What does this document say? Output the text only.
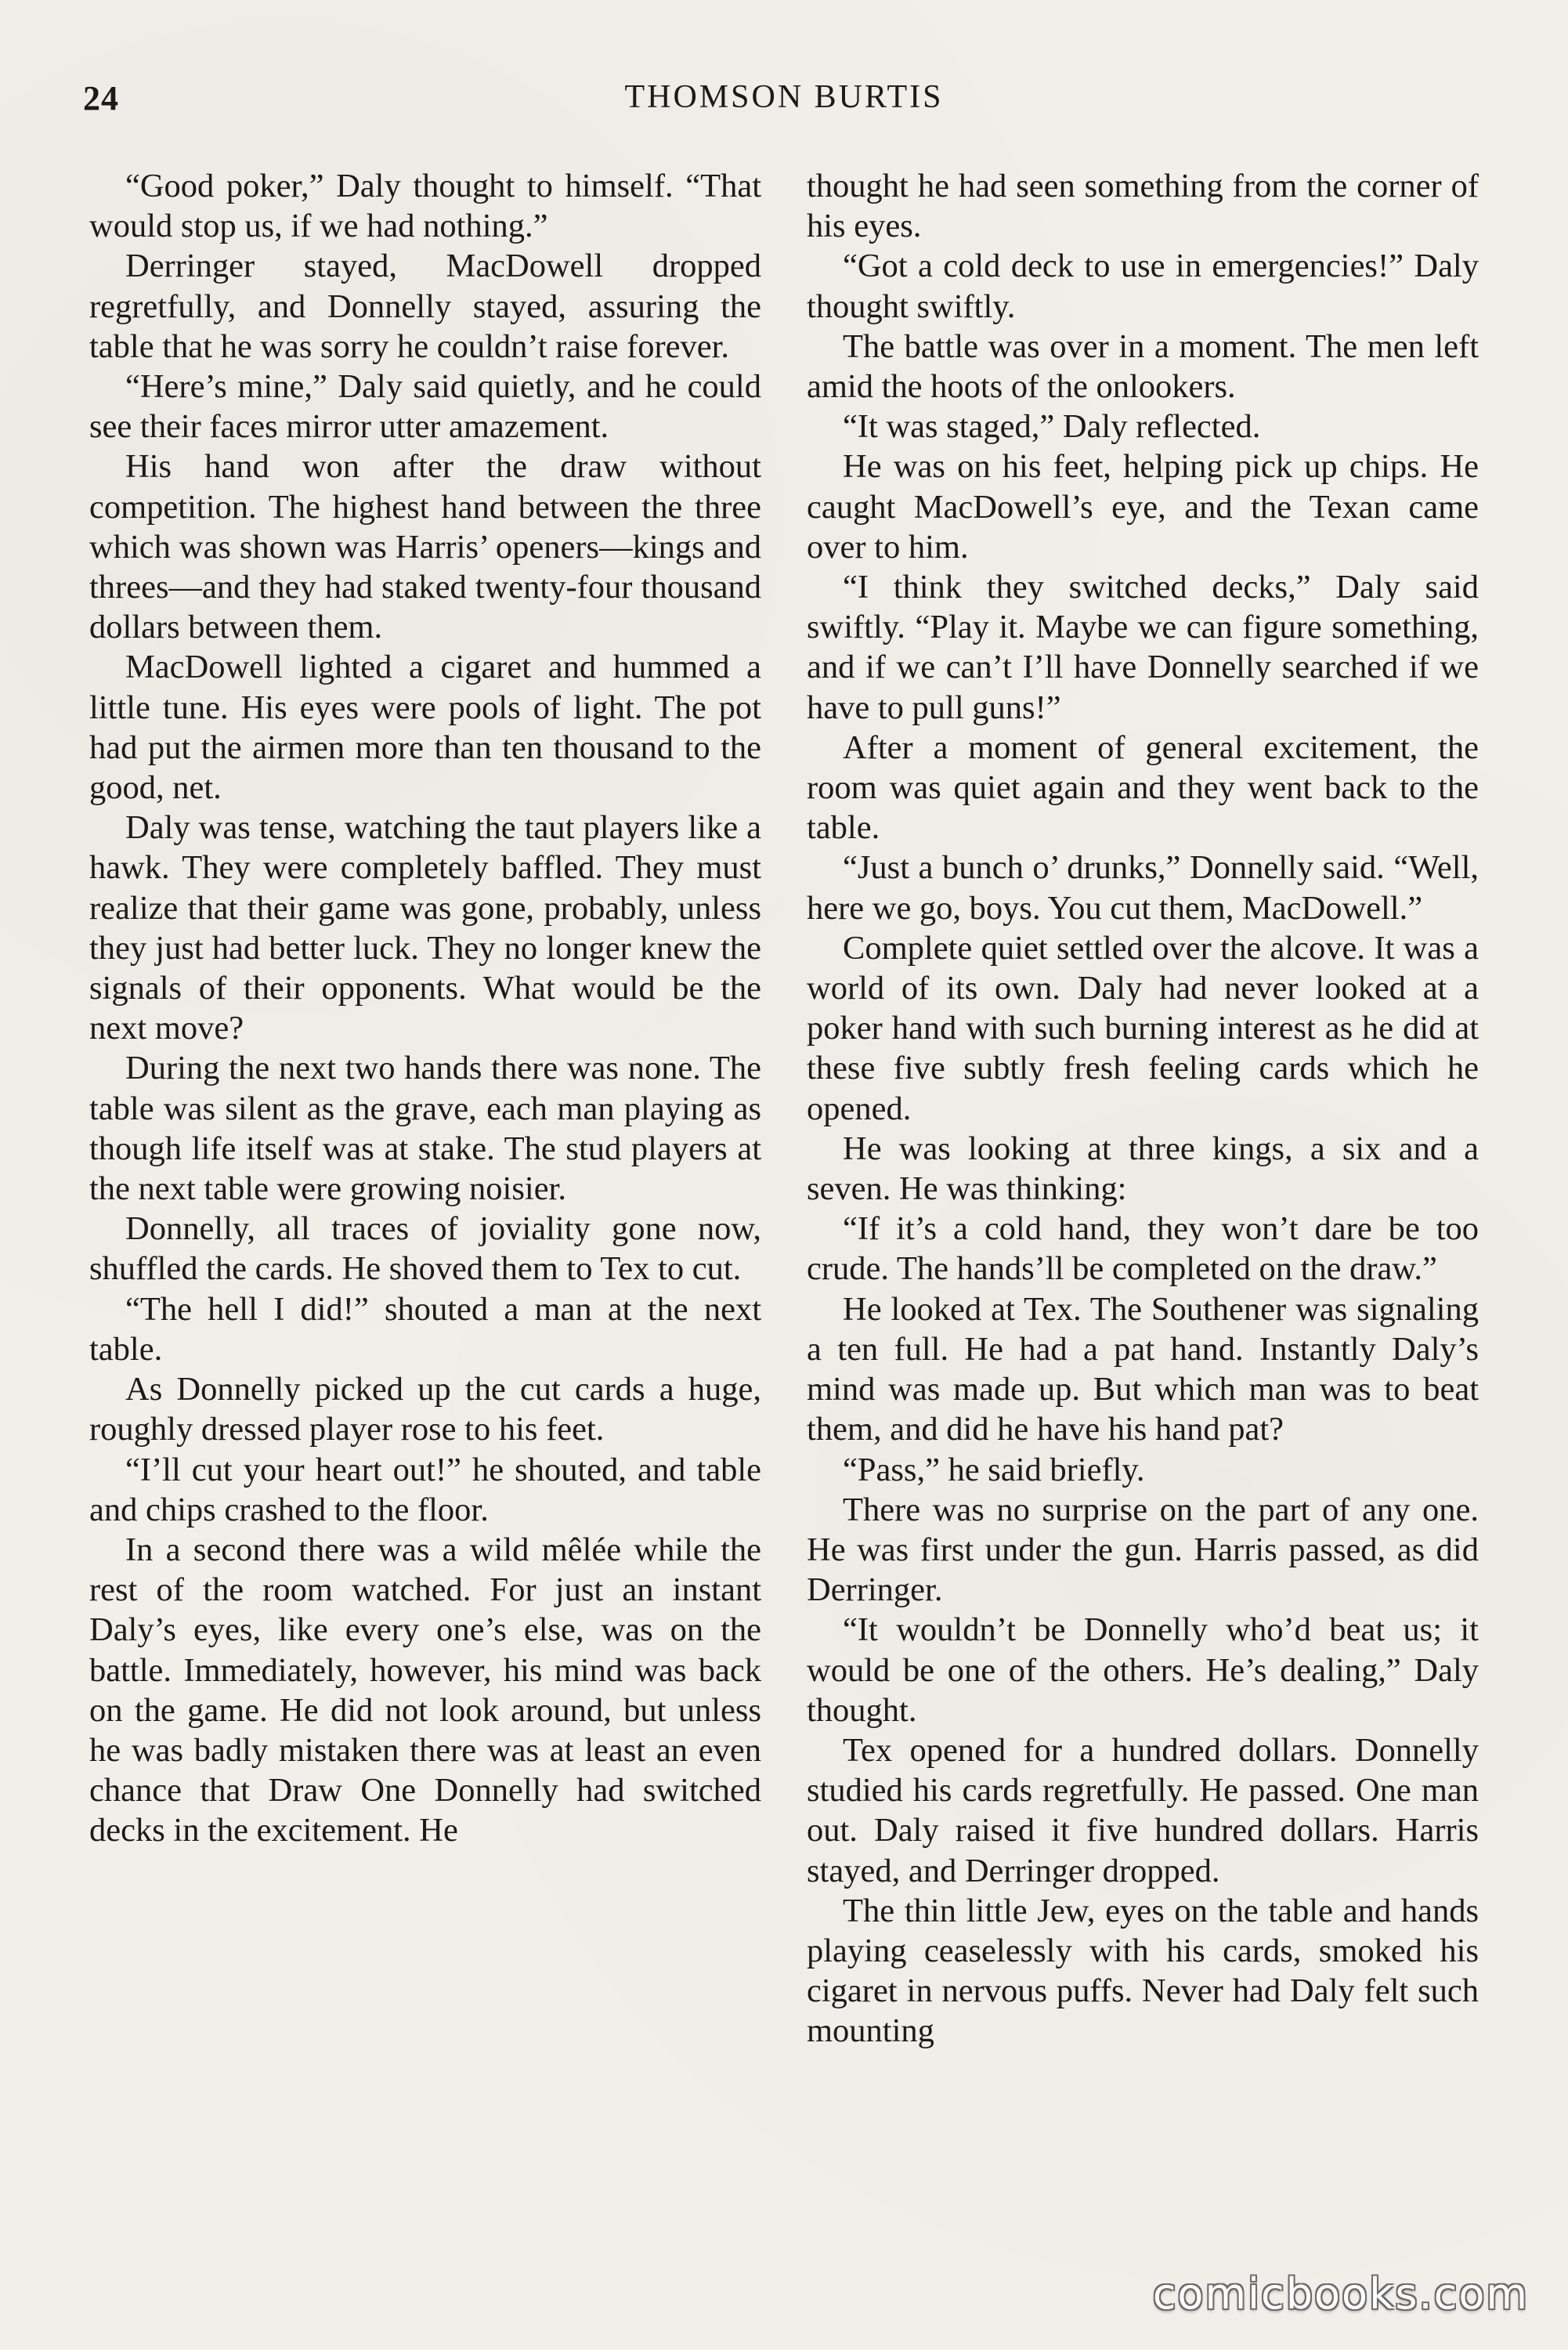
24	THOMSON BURTIS

“Good poker,” Daly thought to himself. “That would stop us, if we had nothing.”

Derringer stayed, MacDowell dropped regretfully, and Donnelly stayed, assuring the table that he was sorry he couldn’t raise forever.

“Here’s mine,” Daly said quietly, and he could see their faces mirror utter amazement.

His hand won after the draw without competition. The highest hand between the three which was shown was Harris’ openers—kings and threes—and they had staked twenty-four thousand dollars between them.

MacDowell lighted a cigaret and hummed a little tune. His eyes were pools of light. The pot had put the airmen more than ten thousand to the good, net.

Daly was tense, watching the taut players like a hawk. They were completely baffled. They must realize that their game was gone, probably, unless they just had better luck. They no longer knew the signals of their opponents. What would be the next move?

During the next two hands there was none. The table was silent as the grave, each man playing as though life itself was at stake. The stud players at the next table were growing noisier.

Donnelly, all traces of joviality gone now, shuffled the cards. He shoved them to Tex to cut.

“The hell I did!” shouted a man at the next table.

As Donnelly picked up the cut cards a huge, roughly dressed player rose to his feet.

“I’ll cut your heart out!” he shouted, and table and chips crashed to the floor.

In a second there was a wild mêlée while the rest of the room watched. For just an instant Daly’s eyes, like every one’s else, was on the battle. Immediately, however, his mind was back on the game. He did not look around, but unless he was badly mistaken there was at least an even chance that Draw One Donnelly had switched decks in the excitement. He

thought he had seen something from the corner of his eyes.

“Got a cold deck to use in emergencies!” Daly thought swiftly.

The battle was over in a moment. The men left amid the hoots of the onlookers.

“It was staged,” Daly reflected.

He was on his feet, helping pick up chips. He caught MacDowell’s eye, and the Texan came over to him.

“I think they switched decks,” Daly said swiftly. “Play it. Maybe we can figure something, and if we can’t I’ll have Donnelly searched if we have to pull guns!”

After a moment of general excitement, the room was quiet again and they went back to the table.

“Just a bunch o’ drunks,” Donnelly said. “Well, here we go, boys. You cut them, MacDowell.”

Complete quiet settled over the alcove. It was a world of its own. Daly had never looked at a poker hand with such burning interest as he did at these five subtly fresh feeling cards which he opened.

He was looking at three kings, a six and a seven. He was thinking:

“If it’s a cold hand, they won’t dare be too crude. The hands’ll be completed on the draw.”

He looked at Tex. The Southener was signaling a ten full. He had a pat hand. Instantly Daly’s mind was made up. But which man was to beat them, and did he have his hand pat?

“Pass,” he said briefly.

There was no surprise on the part of any one. He was first under the gun. Harris passed, as did Derringer.

“It wouldn’t be Donnelly who’d beat us; it would be one of the others. He’s dealing,” Daly thought.

Tex opened for a hundred dollars. Donnelly studied his cards regretfully. He passed. One man out. Daly raised it five hundred dollars. Harris stayed, and Derringer dropped.

The thin little Jew, eyes on the table and hands playing ceaselessly with his cards, smoked his cigaret in nervous puffs. Never had Daly felt such mounting

comicbooks.com
